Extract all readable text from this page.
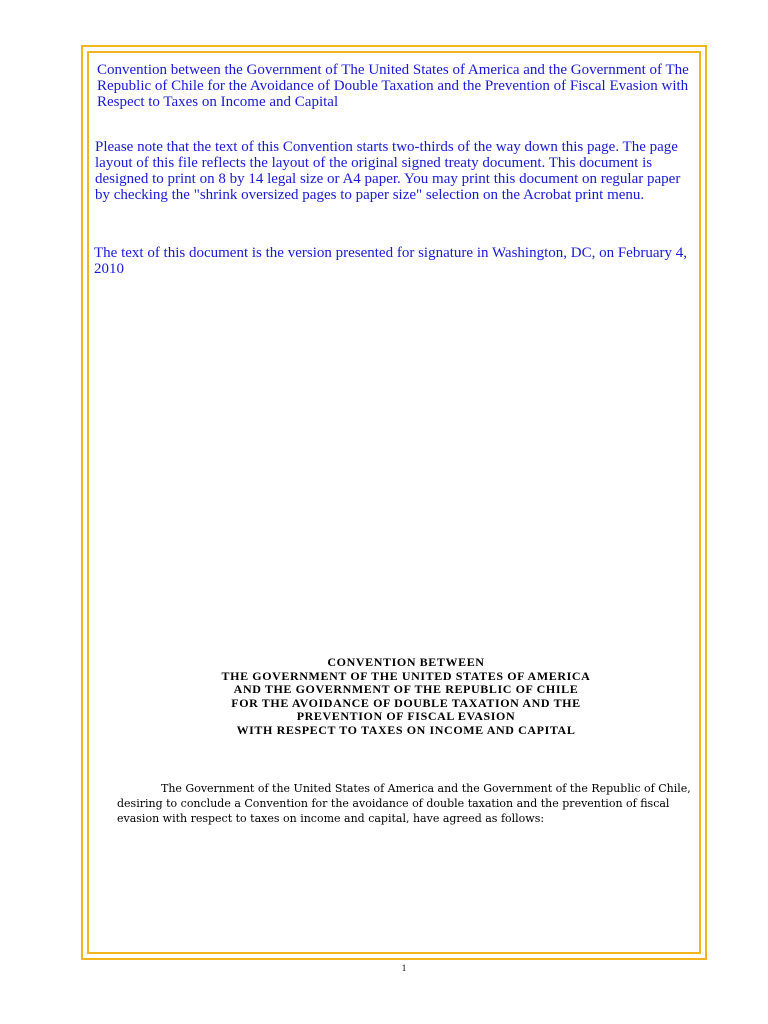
Convention between the Government of The United States of America and the Government of The Republic of Chile for the Avoidance of Double Taxation and the Prevention of Fiscal Evasion with Respect to Taxes on Income and Capital

Please note that the text of this Convention starts two-thirds of the way down this page. The page layout of this file reflects the layout of the original signed treaty document. This document is designed to print on 8 by 14 legal size or A4 paper. You may print this document on regular paper by checking the "shrink oversized pages to paper size" selection on the Acrobat print menu.

The text of this document is the version presented for signature in Washington, DC, on February 4, 2010

CONVENTION BETWEEN
THE GOVERNMENT OF THE UNITED STATES OF AMERICA
AND THE GOVERNMENT OF THE REPUBLIC OF CHILE
FOR THE AVOIDANCE OF DOUBLE TAXATION AND THE
PREVENTION OF FISCAL EVASION
WITH RESPECT TO TAXES ON INCOME AND CAPITAL
The Government of the United States of America and the Government of the Republic of Chile, desiring to conclude a Convention for the avoidance of double taxation and the prevention of fiscal evasion with respect to taxes on income and capital, have agreed as follows:
1
